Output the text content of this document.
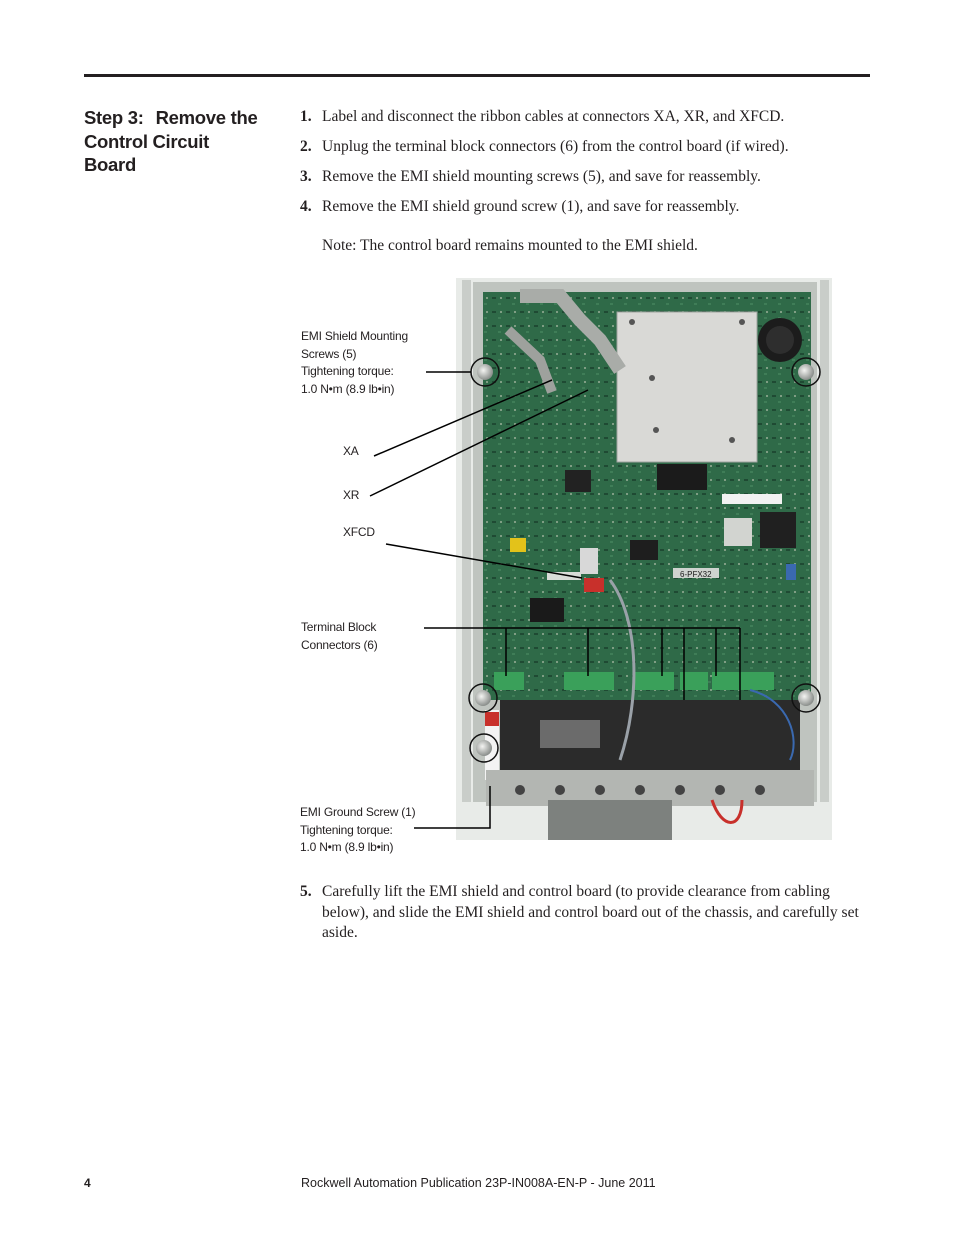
Step 3: Remove the
Control Circuit
Board
1. Label and disconnect the ribbon cables at connectors XA, XR, and XFCD.
2. Unplug the terminal block connectors (6) from the control board (if wired).
3. Remove the EMI shield mounting screws (5), and save for reassembly.
4. Remove the EMI shield ground screw (1), and save for reassembly.
Note: The control board remains mounted to the EMI shield.
6-PFX32
EMI Shield Mounting
Screws (5)
Tightening torque:
1.0 N•m (8.9 lb•in)
XA
XR
XFCD
Terminal Block
Connectors (6)
EMI Ground Screw (1)
Tightening torque:
1.0 N•m (8.9 lb•in)
5. Carefully lift the EMI shield and control board (to provide clearance from cabling below), and slide the EMI shield and control board out of the chassis, and carefully set aside.
4	Rockwell Automation Publication 23P-IN008A-EN-P - June 2011
